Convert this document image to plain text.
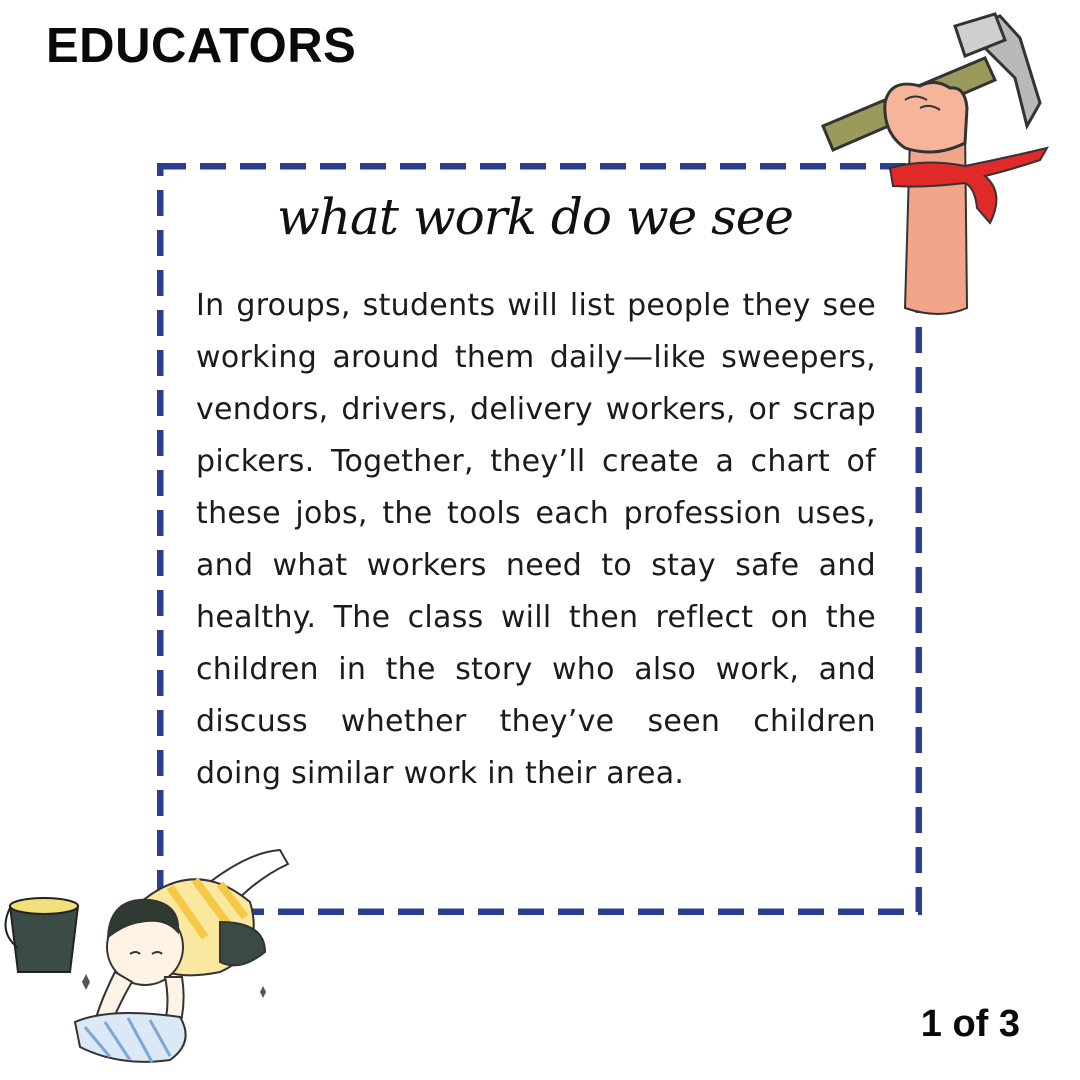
EDUCATORS
what work do we see
In groups, students will list people they see working around them daily—like sweepers, vendors, drivers, delivery workers, or scrap pickers. Together, they’ll create a chart of these jobs, the tools each profession uses, and what workers need to stay safe and healthy. The class will then reflect on the children in the story who also work, and discuss whether they’ve seen children doing similar work in their area.
1 of 3
